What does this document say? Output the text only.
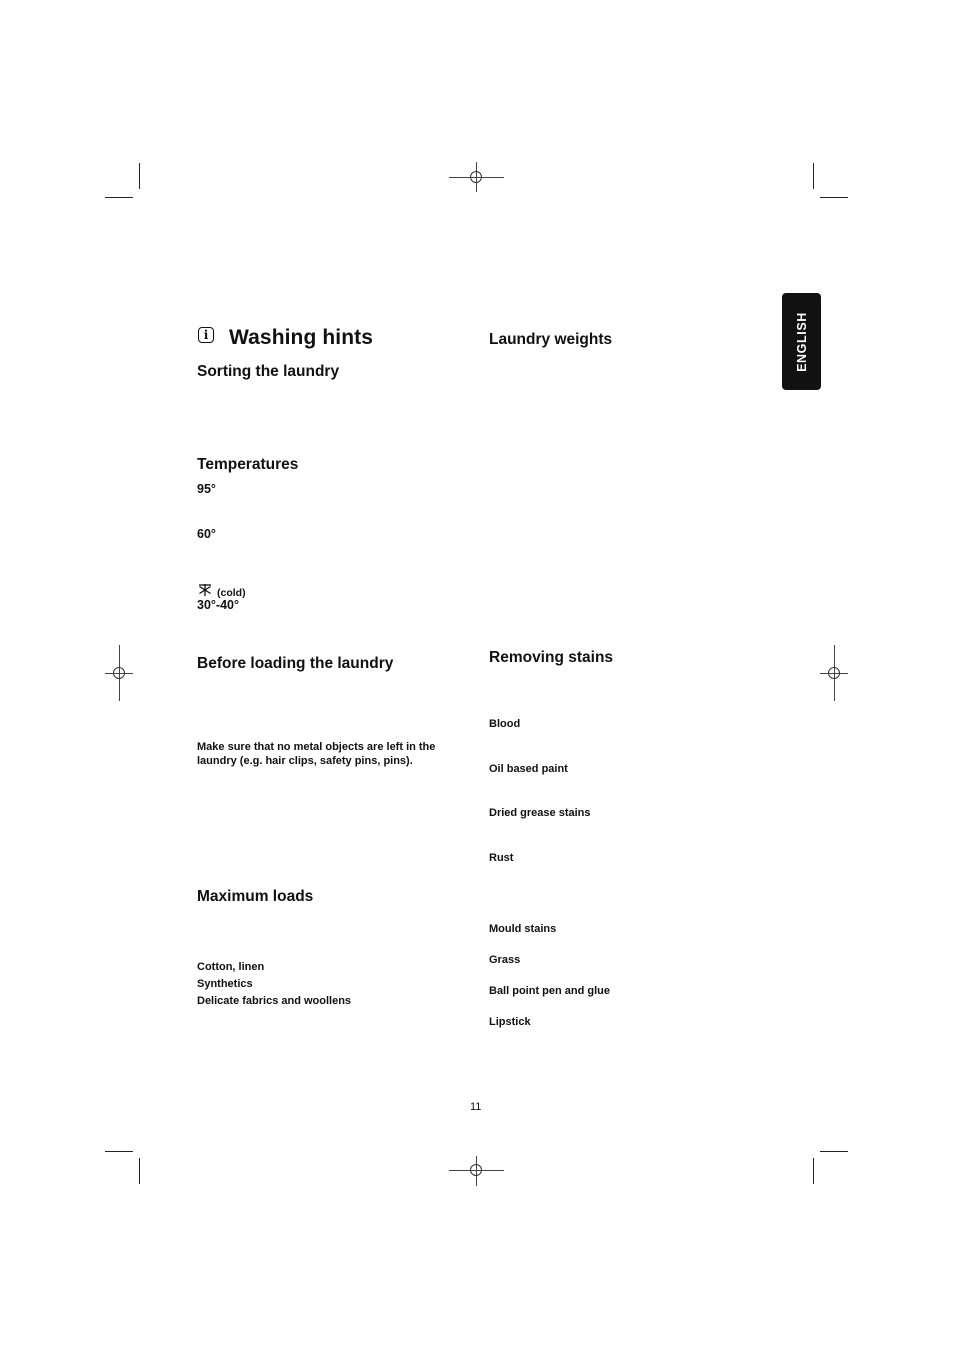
ENGLISH
i Washing hints
Sorting the laundry
Temperatures
95°
60°
(cold)
30°-40°
Before loading the laundry
Make sure that no metal objects are left in the
laundry (e.g. hair clips, safety pins, pins).
Maximum loads
Cotton, linen
Synthetics
Delicate fabrics and woollens
Laundry weights
Removing stains
Blood
Oil based paint
Dried grease stains
Rust
Mould stains
Grass
Ball point pen and glue
Lipstick
11
